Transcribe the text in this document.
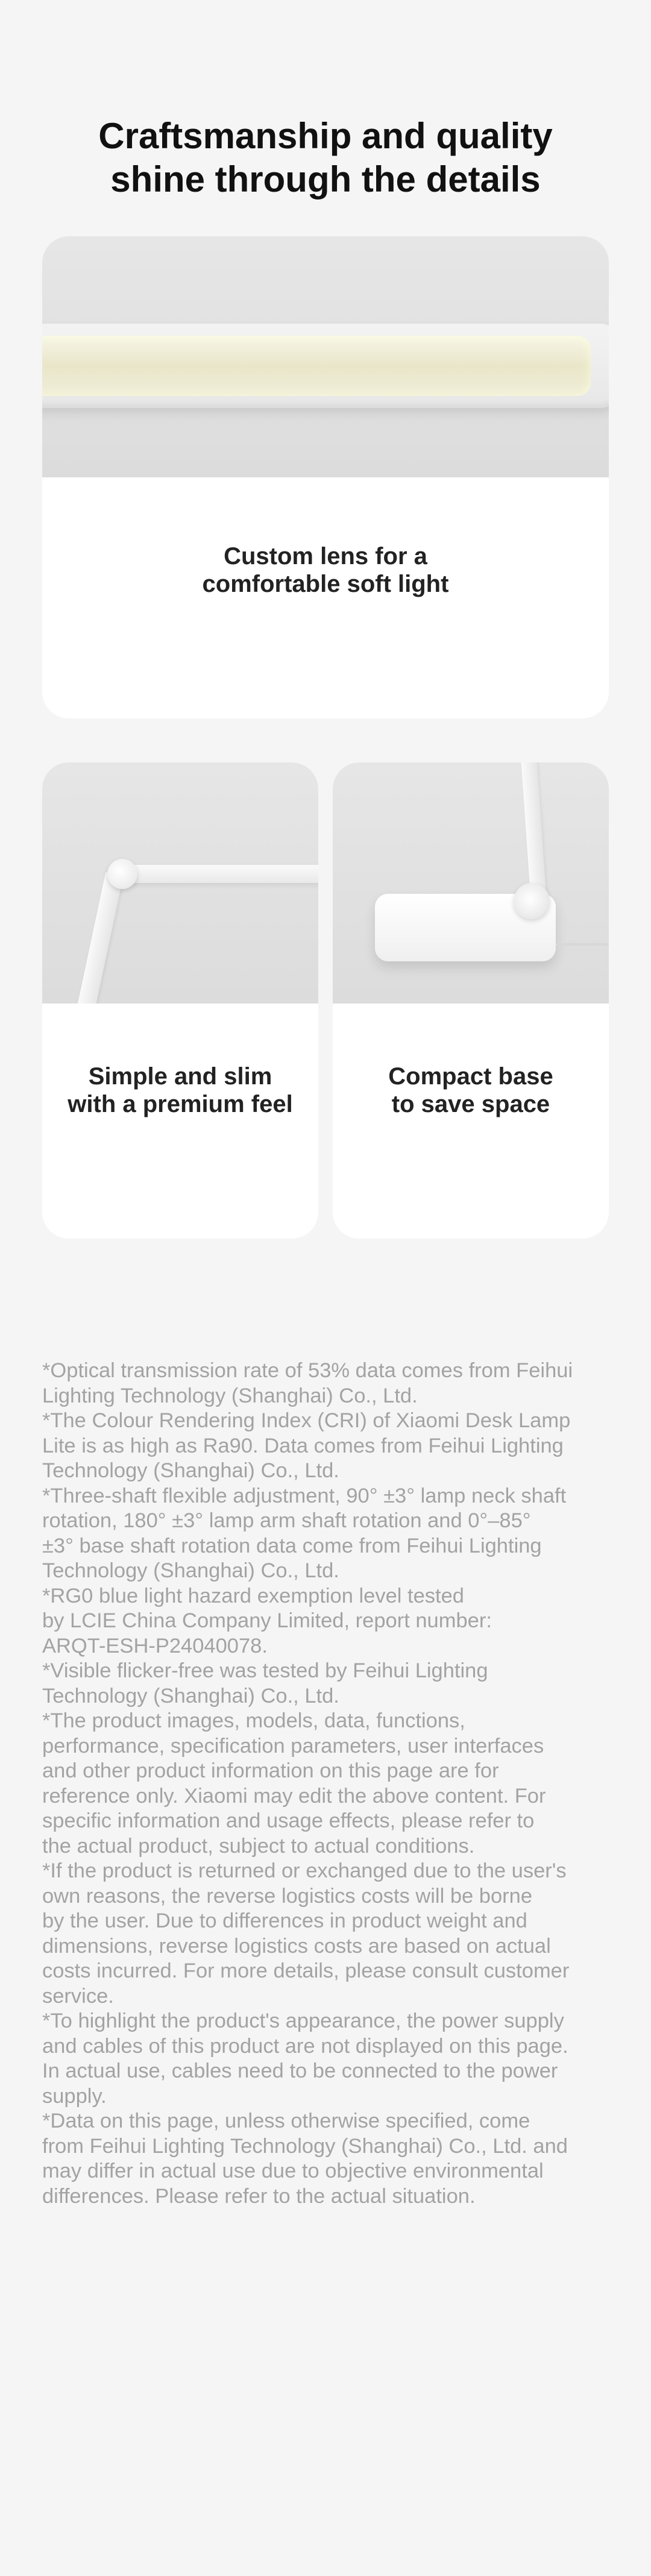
Craftsmanship and quality
shine through the details
Custom lens for a
comfortable soft light
Simple and slim
with a premium feel
Compact base
to save space
*Optical transmission rate of 53% data comes from Feihui
Lighting Technology (Shanghai) Co., Ltd.
*The Colour Rendering Index (CRI) of Xiaomi Desk Lamp
Lite is as high as Ra90. Data comes from Feihui Lighting
Technology (Shanghai) Co., Ltd.
*Three-shaft flexible adjustment, 90° ±3° lamp neck shaft
rotation, 180° ±3° lamp arm shaft rotation and 0°–85°
±3° base shaft rotation data come from Feihui Lighting
Technology (Shanghai) Co., Ltd.
*RG0 blue light hazard exemption level tested
by LCIE China Company Limited, report number:
ARQT-ESH-P24040078.
*Visible flicker-free was tested by Feihui Lighting
Technology (Shanghai) Co., Ltd.
*The product images, models, data, functions,
performance, specification parameters, user interfaces
and other product information on this page are for
reference only. Xiaomi may edit the above content. For
specific information and usage effects, please refer to
the actual product, subject to actual conditions.
*If the product is returned or exchanged due to the user's
own reasons, the reverse logistics costs will be borne
by the user. Due to differences in product weight and
dimensions, reverse logistics costs are based on actual
costs incurred. For more details, please consult customer
service.
*To highlight the product's appearance, the power supply
and cables of this product are not displayed on this page.
In actual use, cables need to be connected to the power
supply.
*Data on this page, unless otherwise specified, come
from Feihui Lighting Technology (Shanghai) Co., Ltd. and
may differ in actual use due to objective environmental
differences. Please refer to the actual situation.
